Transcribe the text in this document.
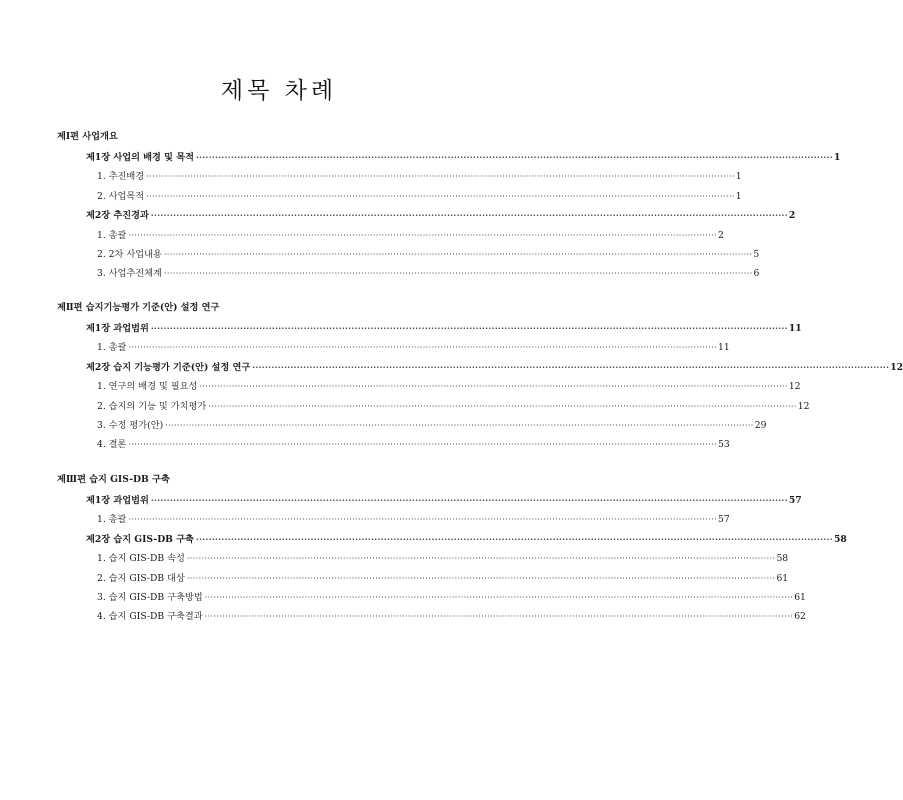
제목 차례
제Ⅰ편 사업개요
제1장 사업의 배경 및 목적 ········································································································································································································ 1
1. 추진배경 ········································································································································································································ 1
2. 사업목적 ········································································································································································································ 1
제2장 추진경과 ········································································································································································································ 2
1. 총괄 ········································································································································································································ 2
2. 2차 사업내용 ········································································································································································································ 5
3. 사업추진체계 ········································································································································································································ 6
제Ⅱ편 습지기능평가 기준(안) 설정 연구
제1장 과업범위 ········································································································································································································ 11
1. 총괄 ········································································································································································································ 11
제2장 습지 기능평가 기준(안) 설정 연구 ········································································································································································································ 12
1. 연구의 배경 및 필요성 ········································································································································································································ 12
2. 습지의 기능 및 가치평가 ········································································································································································································ 12
3. 수정 평가(안) ········································································································································································································ 29
4. 결론 ········································································································································································································ 53
제Ⅲ편 습지 GIS-DB 구축
제1장 과업범위 ········································································································································································································ 57
1. 총괄 ········································································································································································································ 57
제2장 습지 GIS-DB 구축 ········································································································································································································ 58
1. 습지 GIS-DB 속성 ········································································································································································································ 58
2. 습지 GIS-DB 대상 ········································································································································································································ 61
3. 습지 GIS-DB 구축방법 ········································································································································································································ 61
4. 습지 GIS-DB 구축결과 ········································································································································································································ 62
